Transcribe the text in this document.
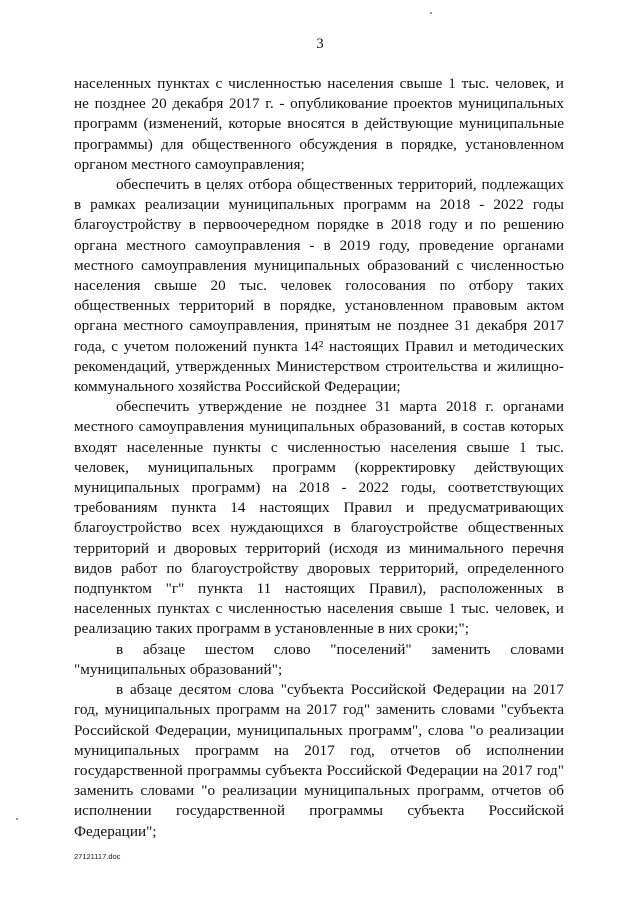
3

населенных пунктах с численностью населения свыше 1 тыс. человек, и не позднее 20 декабря 2017 г. - опубликование проектов муниципальных программ (изменений, которые вносятся в действующие муниципальные программы) для общественного обсуждения в порядке, установленном органом местного самоуправления;

обеспечить в целях отбора общественных территорий, подлежащих в рамках реализации муниципальных программ на 2018 - 2022 годы благоустройству в первоочередном порядке в 2018 году и по решению органа местного самоуправления - в 2019 году, проведение органами местного самоуправления муниципальных образований с численностью населения свыше 20 тыс. человек голосования по отбору таких общественных территорий в порядке, установленном правовым актом органа местного самоуправления, принятым не позднее 31 декабря 2017 года, с учетом положений пункта 14² настоящих Правил и методических рекомендаций, утвержденных Министерством строительства и жилищно-коммунального хозяйства Российской Федерации;

обеспечить утверждение не позднее 31 марта 2018 г. органами местного самоуправления муниципальных образований, в состав которых входят населенные пункты с численностью населения свыше 1 тыс. человек, муниципальных программ (корректировку действующих муниципальных программ) на 2018 - 2022 годы, соответствующих требованиям пункта 14 настоящих Правил и предусматривающих благоустройство всех нуждающихся в благоустройстве общественных территорий и дворовых территорий (исходя из минимального перечня видов работ по благоустройству дворовых территорий, определенного подпунктом "г" пункта 11 настоящих Правил), расположенных в населенных пунктах с численностью населения свыше 1 тыс. человек, и реализацию таких программ в установленные в них сроки;";

в абзаце шестом слово "поселений" заменить словами "муниципальных образований";

в абзаце десятом слова "субъекта Российской Федерации на 2017 год, муниципальных программ на 2017 год" заменить словами "субъекта Российской Федерации, муниципальных программ", слова "о реализации муниципальных программ на 2017 год, отчетов об исполнении государственной программы субъекта Российской Федерации на 2017 год" заменить словами "о реализации муниципальных программ, отчетов об исполнении государственной программы субъекта Российской Федерации";

27121117.doc
